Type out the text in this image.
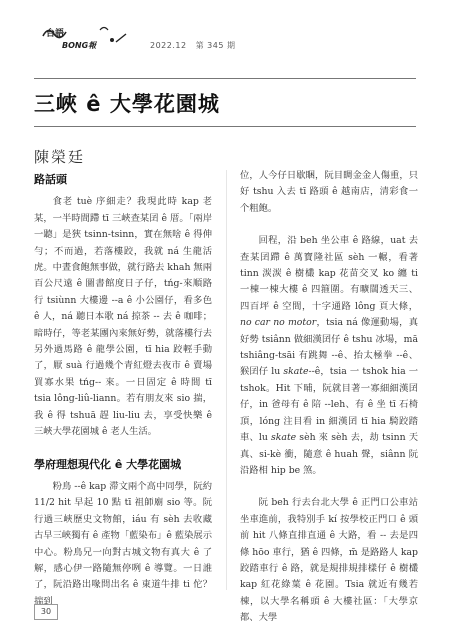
台語
BONG報	2022.12 第 345 期
三峽 ê 大學花園城
陳榮廷
路話頭

食老 tuè 序細走？我現此時 kap 老某，一半時間蹛 tī 三峽查某囝 ê 厝。「兩岸一聽」是狹 tsinn-tsinn，實在無啥 ê 得伸勻；不而過，若落樓跤，我就 ná 生龍活虎。中晝食飽無事做，就行路去 khah 無兩百公尺遠 ê 圖書館度日子仔，tńg-來順路行 tsiùnn 大樓邊 --a ê 小公園仔，看多色 ê 人，ná 聽日本歌 ná 掠茶 -- 去 ê 咖啡；暗時仔，等老某團內來無好勢，就落樓行去另外過馬路 ê 龍學公園，tī hia 跤輕手動了，厭 suà 行過幾个青紅燈去夜市 ê 賣場買寡水果 tńg-- 來。一日固定 ê 時間 tī tsia lông-liû-liann。若有朋友來 sio 揣，我 ê 得 tshuā 趕 liu-liu 去，享受快樂 ê 三峽大學花園城 ê 老人生活。

學府理想現代化 ê 大學花園城

粉鳥 --ê kap 滞文兩个高中同學，阮約 11/2 hit 早起 10 點 tī 祖師廟 sio 等。阮行過三峽歷史文物館，iáu 有 sèh 去收藏古早三峽獨有 ê 產物「藍染布」ê 藍染展示中心。粉鳥兄一向對古城文物有真大 ê 了解，感心伊一路隨無停咧 ê 導覽。一日誰了，阮沿路出喙問出名 ê 東道牛排 ti 佗？揣到

位，人今仔日歇睏，阮目睭金金人傷重，只好 tshu 入去 tī 路頭 ê 越南店，清彩食一个粗飽。

回程，沿 beh 坐公車 ê 路線，uat 去查某囝蹛 ê 萬寶隆社區 sèh 一輾，看著 tinn 湠湠 ê 樹欉 kap 花苗交叉 ko 纏 ti 一棟一棟大樓 ê 四箍圍。有曠闊透天三、四百坪 ê 空間，十字通路 lông 頁大條，no car no motor，tsia ná 像運動場，真好勢 tsiânn 做細漢囝仔 ê tshu 冰場，mā tshiâng-tsāi 有跳舞 --ê、抬太極拳 --ê、猴囝仔 lu skate--ê，tsia 一 tshok hia 一 tshok。Hit 下晡，阮就目著一寡細細漢囝仔，in 爸母有 ê 陪 --leh、有 ê 坐 tī 石椅頂，lóng 注目看 in 細漢囝 tī hia 騎跤踏車、lu skate sèh 來 sèh 去，劫 tsinn 天真、si-kè 衝，隨意 ê huah 聲，siânn 阮沿路相 hip be 煞。

阮 beh 行去台北大學 ê 正門口公車站坐車進前，我特別手 kí 按學校正門口 ê 頭前 hit 八條直排直通 ê 大路，看 -- 去是四條 hōo 車行，猶 ê 四條，m̄ 是路路人 kap 跤踏車行 ê 路，就是規排規排樣仔 ê 樹欉 kap 紅花綠葉 ê 花園。Tsia 就近有幾若棟，以大學名稱頭 ê 大樓社區：「大學京都、大學

30
